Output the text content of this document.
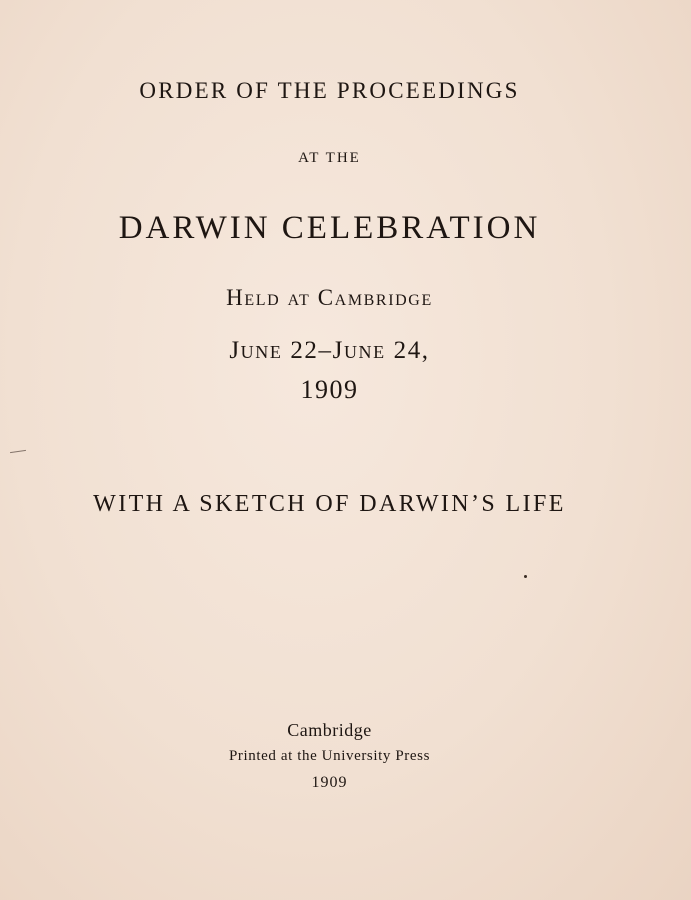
ORDER OF THE PROCEEDINGS
AT THE
DARWIN CELEBRATION
Held at Cambridge
June 22–June 24,
1909
WITH A SKETCH OF DARWIN’S LIFE
Cambridge
Printed at the University Press
1909
